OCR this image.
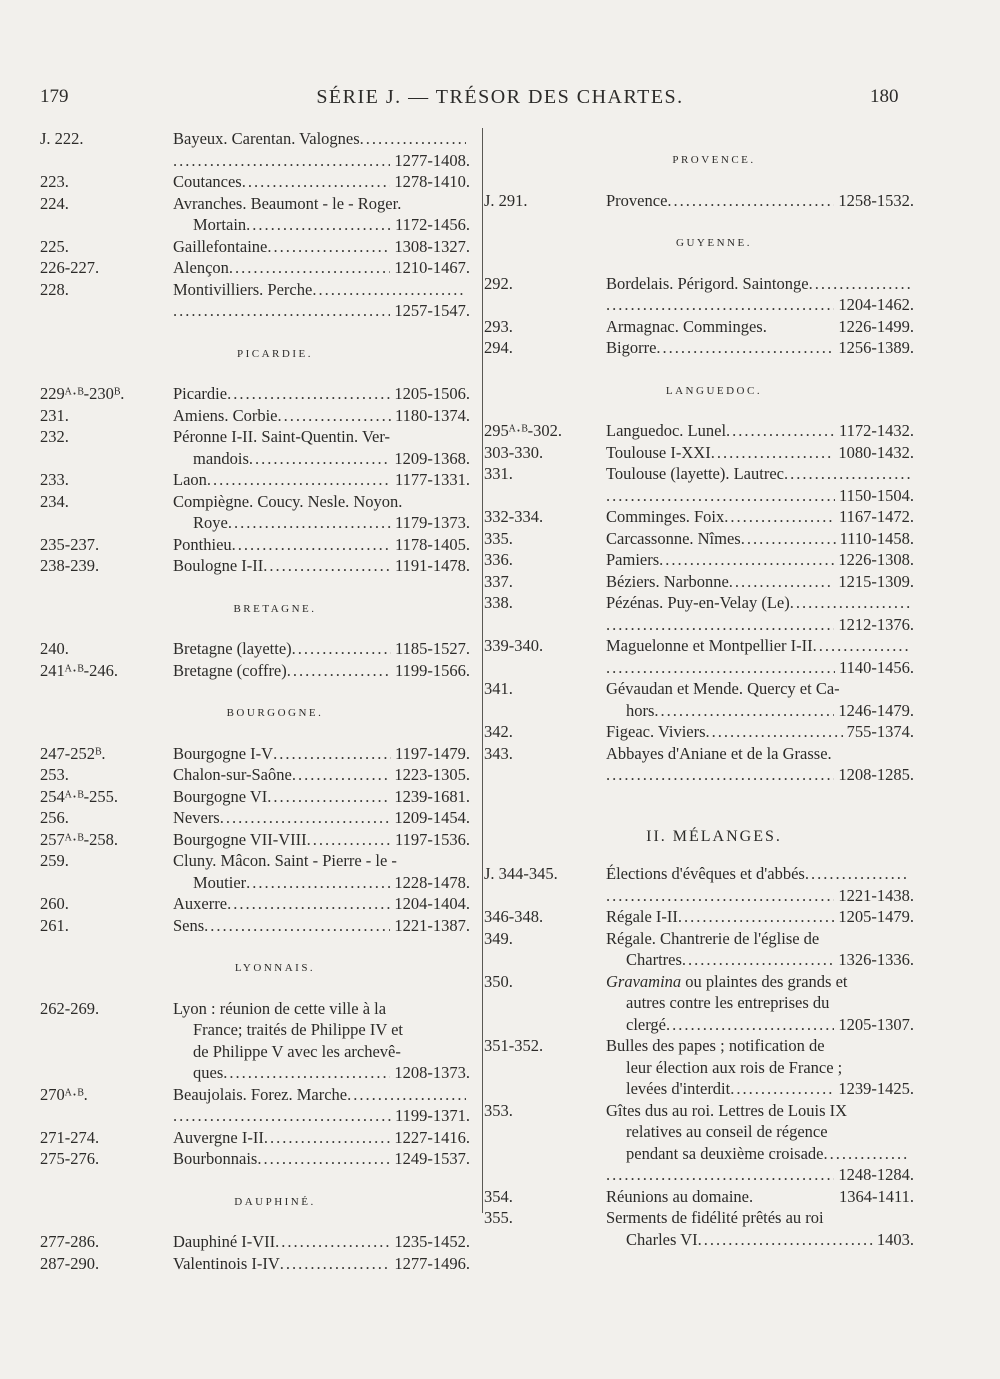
179	SÉRIE J. — TRÉSOR DES CHARTES.	180
J. 222.	Bayeux. Carentan. Valognes
.....
.....
1277-1408.
223.	Coutances .....	1278-1410.
224.	Avranches. Beaumont - le - Roger.
Mortain .....	1172-1456.
225.	Gaillefontaine .....	1308-1327.
226-227.	Alençon .....	1210-1467.
228.	Montivilliers. Perche
.....
.....
1257-1547.
PICARDIE.
229ᴬ·ᴮ-230ᴮ.	Picardie .....	1205-1506.
231.	Amiens. Corbie .....	1180-1374.
232.	Péronne I-II. Saint-Quentin. Ver-
mandois .....	1209-1368.
233.	Laon .....	1177-1331.
234.	Compiègne. Coucy. Nesle. Noyon.
Roye .....	1179-1373.
235-237.	Ponthieu .....	1178-1405.
238-239.	Boulogne I-II .....	1191-1478.
BRETAGNE.
240.	Bretagne (layette) .....	1185-1527.
241ᴬ·ᴮ-246.	Bretagne (coffre) .....	1199-1566.
BOURGOGNE.
247-252ᴮ.	Bourgogne I-V .....	1197-1479.
253.	Chalon-sur-Saône .....	1223-1305.
254ᴬ·ᴮ-255.	Bourgogne VI .....	1239-1681.
256.	Nevers .....	1209-1454.
257ᴬ·ᴮ-258.	Bourgogne VII-VIII .....	1197-1536.
259.	Cluny. Mâcon. Saint - Pierre - le -
Moutier .....	1228-1478.
260.	Auxerre .....	1204-1404.
261.	Sens .....	1221-1387.
LYONNAIS.
262-269.	Lyon : réunion de cette ville à la
France; traités de Philippe IV et
de Philippe V avec les archevê-
ques .....	1208-1373.
270ᴬ·ᴮ.	Beaujolais. Forez. Marche
.....
.....
1199-1371.
271-274.	Auvergne I-II .....	1227-1416.
275-276.	Bourbonnais .....	1249-1537.
DAUPHINÉ.
277-286.	Dauphiné I-VII .....	1235-1452.
287-290.	Valentinois I-IV .....	1277-1496.
PROVENCE.
J. 291.	Provence .....	1258-1532.
GUYENNE.
292.	Bordelais. Périgord. Saintonge
.....
.....
1204-1462.
293.	Armagnac. Comminges.	1226-1499.
294.	Bigorre .....	1256-1389.
LANGUEDOC.
295ᴬ·ᴮ-302.	Languedoc. Lunel .....	1172-1432.
303-330.	Toulouse I-XXI .....	1080-1432.
331.	Toulouse (layette). Lautrec
.....
.....
1150-1504.
332-334.	Comminges. Foix .....	1167-1472.
335.	Carcassonne. Nîmes .....	1110-1458.
336.	Pamiers .....	1226-1308.
337.	Béziers. Narbonne .....	1215-1309.
338.	Pézénas. Puy-en-Velay (Le)
.....
.....
1212-1376.
339-340.	Maguelonne et Montpellier I-II
.....
.....
1140-1456.
341.	Gévaudan et Mende. Quercy et Ca-
hors .....	1246-1479.
342.	Figeac. Viviers .....	755-1374.
343.	Abbayes d'Aniane et de la Grasse.
.....
1208-1285.
II. MÉLANGES.
J. 344-345.	Élections d'évêques et d'abbés
.....
.....
1221-1438.
346-348.	Régale I-II .....	1205-1479.
349.	Régale. Chantrerie de l'église de
Chartres .....	1326-1336.
350.	Gravamina ou plaintes des grands et
autres contre les entreprises du
clergé .....	1205-1307.
351-352.	Bulles des papes ; notification de
leur élection aux rois de France ;
levées d'interdit .....	1239-1425.
353.	Gîtes dus au roi. Lettres de Louis IX
relatives au conseil de régence
pendant sa deuxième croisade
.....
.....
1248-1284.
354.	Réunions au domaine.	1364-1411.
355.	Serments de fidélité prêtés au roi
Charles VI .....	1403.
